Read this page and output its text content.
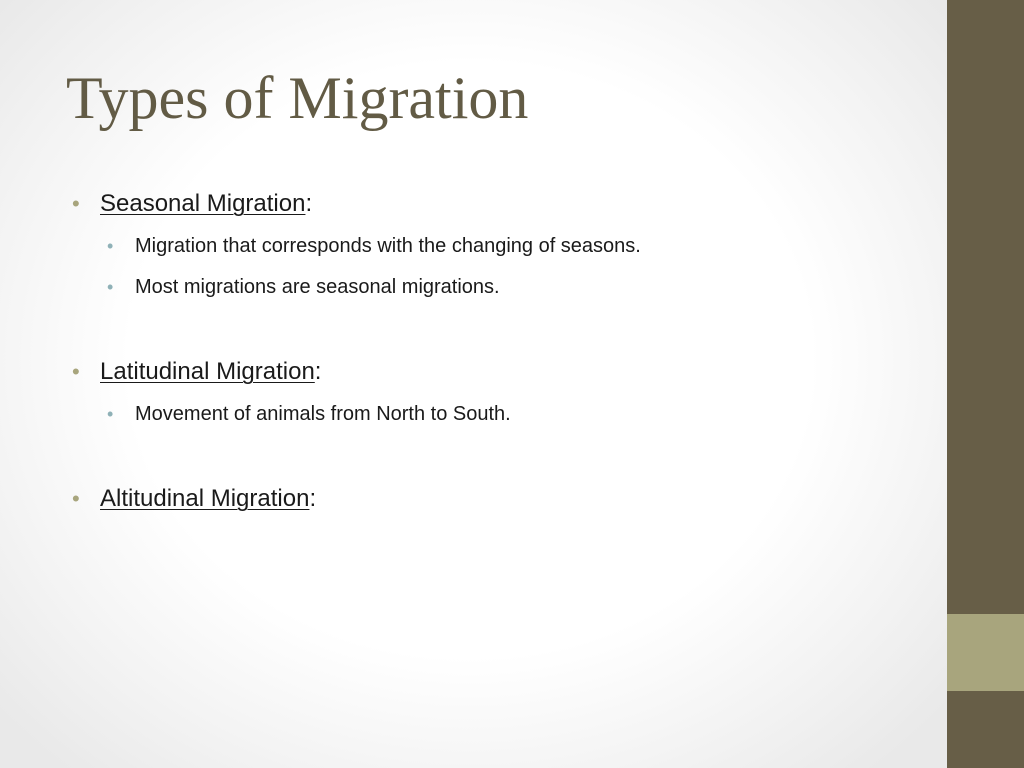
Types of Migration
• Seasonal Migration:
• Migration that corresponds with the changing of seasons.
• Most migrations are seasonal migrations.
• Latitudinal Migration:
• Movement of animals from North to South.
• Altitudinal Migration:
